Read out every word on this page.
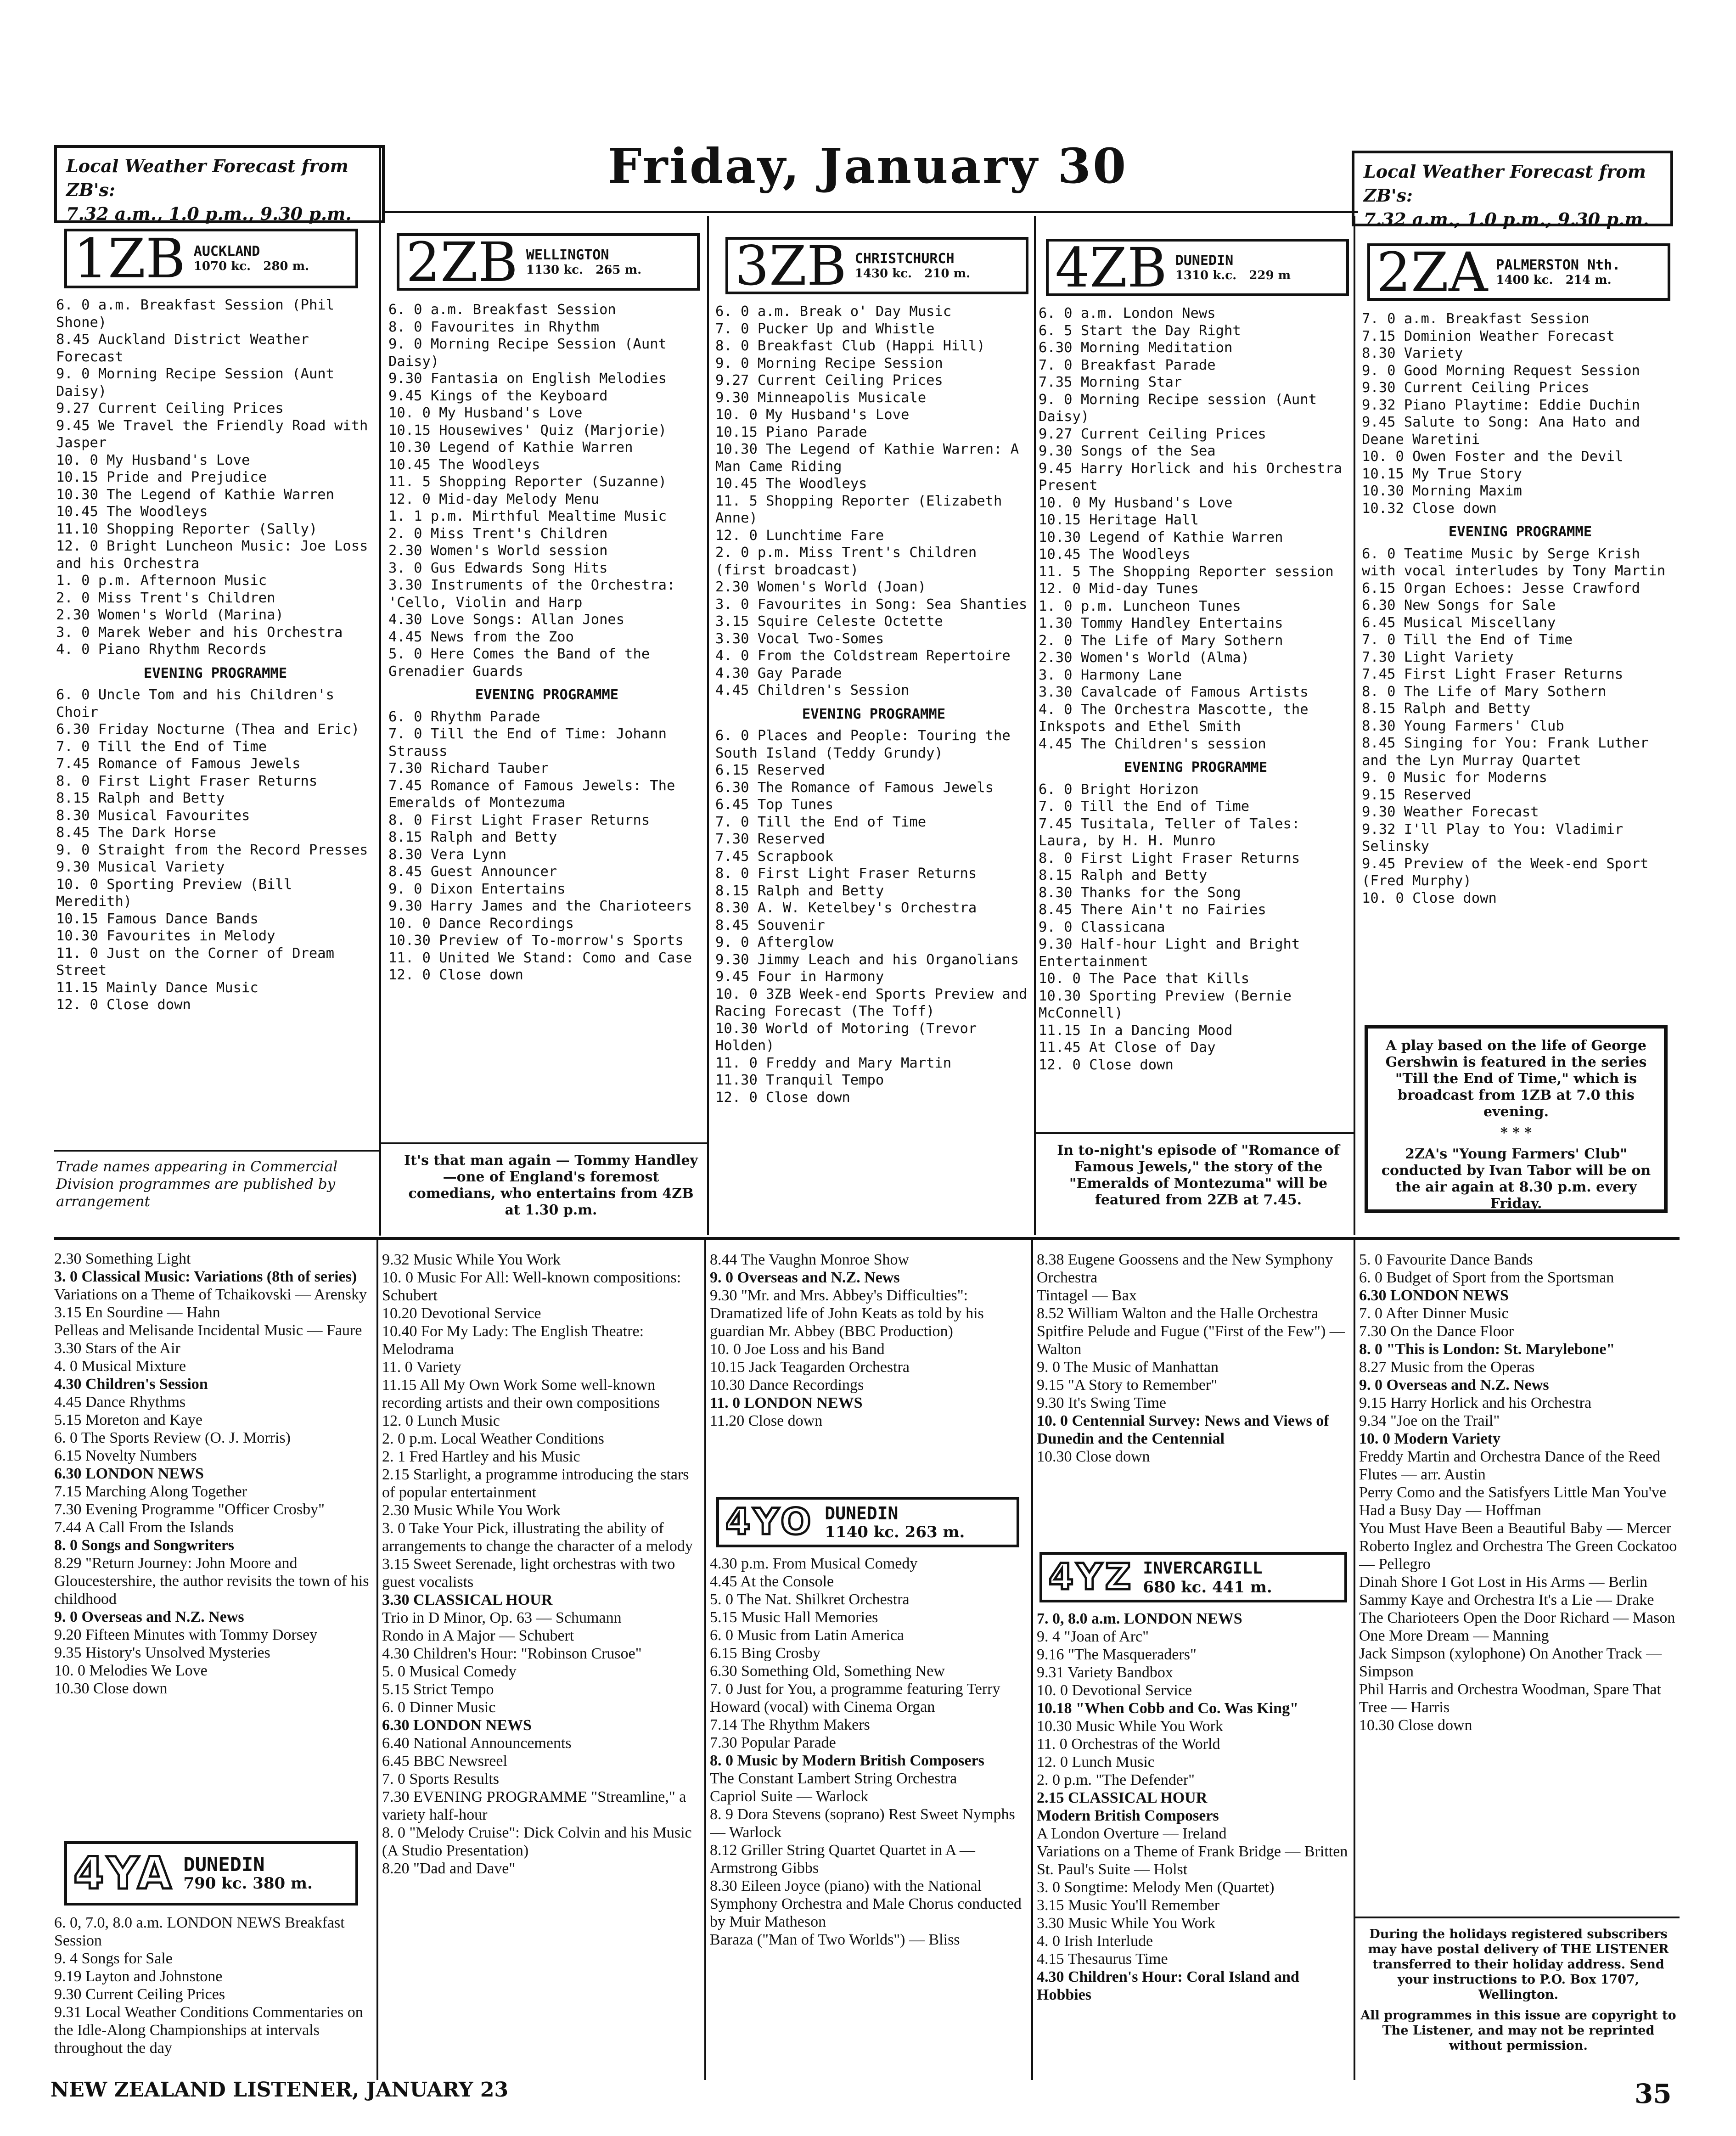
Local Weather Forecast from ZB's:
7.32 a.m., 1.0 p.m., 9.30 p.m.
Friday, January 30	Local Weather Forecast from ZB's:
7.32 a.m., 1.0 p.m., 9.30 p.m.
1ZB AUCKLAND
1070 kc. 280 m. 2ZB WELLINGTON
1130 kc. 265 m. 3ZB CHRISTCHURCH
1430 kc. 210 m. 4ZB DUNEDIN
1310 k.c. 229 m 2ZA PALMERSTON Nth.
1400 kc. 214 m.
6. 0 a.m. Breakfast Session (Phil Shone)
8.45 Auckland District Weather Forecast
9. 0 Morning Recipe Session (Aunt Daisy)
9.27 Current Ceiling Prices
9.45 We Travel the Friendly Road with Jasper
10. 0 My Husband's Love
10.15 Pride and Prejudice
10.30 The Legend of Kathie Warren
10.45 The Woodleys
11.10 Shopping Reporter (Sally)
12. 0 Bright Luncheon Music: Joe Loss and his Orchestra
1. 0 p.m. Afternoon Music
2. 0 Miss Trent's Children
2.30 Women's World (Marina)
3. 0 Marek Weber and his Orchestra
4. 0 Piano Rhythm Records
EVENING PROGRAMME
6. 0 Uncle Tom and his Children's Choir
6.30 Friday Nocturne (Thea and Eric)
7. 0 Till the End of Time
7.45 Romance of Famous Jewels
8. 0 First Light Fraser Returns
8.15 Ralph and Betty
8.30 Musical Favourites
8.45 The Dark Horse
9. 0 Straight from the Record Presses
9.30 Musical Variety
10. 0 Sporting Preview (Bill Meredith)
10.15 Famous Dance Bands
10.30 Favourites in Melody
11. 0 Just on the Corner of Dream Street
11.15 Mainly Dance Music
12. 0 Close down
Trade names appearing in Commercial Division programmes are published by arrangement
6. 0 a.m. Breakfast Session
8. 0 Favourites in Rhythm
9. 0 Morning Recipe Session (Aunt Daisy)
9.30 Fantasia on English Melodies
9.45 Kings of the Keyboard
10. 0 My Husband's Love
10.15 Housewives' Quiz (Marjorie)
10.30 Legend of Kathie Warren
10.45 The Woodleys
11. 5 Shopping Reporter (Suzanne)
12. 0 Mid-day Melody Menu
1. 1 p.m. Mirthful Mealtime Music
2. 0 Miss Trent's Children
2.30 Women's World session
3. 0 Gus Edwards Song Hits
3.30 Instruments of the Orchestra: 'Cello, Violin and Harp
4.30 Love Songs: Allan Jones
4.45 News from the Zoo
5. 0 Here Comes the Band of the Grenadier Guards
EVENING PROGRAMME
6. 0 Rhythm Parade
7. 0 Till the End of Time: Johann Strauss
7.30 Richard Tauber
7.45 Romance of Famous Jewels: The Emeralds of Montezuma
8. 0 First Light Fraser Returns
8.15 Ralph and Betty
8.30 Vera Lynn
8.45 Guest Announcer
9. 0 Dixon Entertains
9.30 Harry James and the Charioteers
10. 0 Dance Recordings
10.30 Preview of To-morrow's Sports
11. 0 United We Stand: Como and Case
12. 0 Close down
It's that man again — Tommy Handley—one of England's foremost comedians, who entertains from 4ZB at 1.30 p.m.
6. 0 a.m. Break o' Day Music
7. 0 Pucker Up and Whistle
8. 0 Breakfast Club (Happi Hill)
9. 0 Morning Recipe Session
9.27 Current Ceiling Prices
9.30 Minneapolis Musicale
10. 0 My Husband's Love
10.15 Piano Parade
10.30 The Legend of Kathie Warren: A Man Came Riding
10.45 The Woodleys
11. 5 Shopping Reporter (Elizabeth Anne)
12. 0 Lunchtime Fare
2. 0 p.m. Miss Trent's Children (first broadcast)
2.30 Women's World (Joan)
3. 0 Favourites in Song: Sea Shanties
3.15 Squire Celeste Octette
3.30 Vocal Two-Somes
4. 0 From the Coldstream Repertoire
4.30 Gay Parade
4.45 Children's Session
EVENING PROGRAMME
6. 0 Places and People: Touring the South Island (Teddy Grundy)
6.15 Reserved
6.30 The Romance of Famous Jewels
6.45 Top Tunes
7. 0 Till the End of Time
7.30 Reserved
7.45 Scrapbook
8. 0 First Light Fraser Returns
8.15 Ralph and Betty
8.30 A. W. Ketelbey's Orchestra
8.45 Souvenir
9. 0 Afterglow
9.30 Jimmy Leach and his Organolians
9.45 Four in Harmony
10. 0 3ZB Week-end Sports Preview and Racing Forecast (The Toff)
10.30 World of Motoring (Trevor Holden)
11. 0 Freddy and Mary Martin
11.30 Tranquil Tempo
12. 0 Close down
6. 0 a.m. London News
6. 5 Start the Day Right
6.30 Morning Meditation
7. 0 Breakfast Parade
7.35 Morning Star
9. 0 Morning Recipe session (Aunt Daisy)
9.27 Current Ceiling Prices
9.30 Songs of the Sea
9.45 Harry Horlick and his Orchestra Present
10. 0 My Husband's Love
10.15 Heritage Hall
10.30 Legend of Kathie Warren
10.45 The Woodleys
11. 5 The Shopping Reporter session
12. 0 Mid-day Tunes
1. 0 p.m. Luncheon Tunes
1.30 Tommy Handley Entertains
2. 0 The Life of Mary Sothern
2.30 Women's World (Alma)
3. 0 Harmony Lane
3.30 Cavalcade of Famous Artists
4. 0 The Orchestra Mascotte, the Inkspots and Ethel Smith
4.45 The Children's session
EVENING PROGRAMME
6. 0 Bright Horizon
7. 0 Till the End of Time
7.45 Tusitala, Teller of Tales: Laura, by H. H. Munro
8. 0 First Light Fraser Returns
8.15 Ralph and Betty
8.30 Thanks for the Song
8.45 There Ain't no Fairies
9. 0 Classicana
9.30 Half-hour Light and Bright Entertainment
10. 0 The Pace that Kills
10.30 Sporting Preview (Bernie McConnell)
11.15 In a Dancing Mood
11.45 At Close of Day
12. 0 Close down
In to-night's episode of "Romance of Famous Jewels," the story of the "Emeralds of Montezuma" will be featured from 2ZB at 7.45.
7. 0 a.m. Breakfast Session
7.15 Dominion Weather Forecast
8.30 Variety
9. 0 Good Morning Request Session
9.30 Current Ceiling Prices
9.32 Piano Playtime: Eddie Duchin
9.45 Salute to Song: Ana Hato and Deane Waretini
10. 0 Owen Foster and the Devil
10.15 My True Story
10.30 Morning Maxim
10.32 Close down
EVENING PROGRAMME
6. 0 Teatime Music by Serge Krish with vocal interludes by Tony Martin
6.15 Organ Echoes: Jesse Crawford
6.30 New Songs for Sale
6.45 Musical Miscellany
7. 0 Till the End of Time
7.30 Light Variety
7.45 First Light Fraser Returns
8. 0 The Life of Mary Sothern
8.15 Ralph and Betty
8.30 Young Farmers' Club
8.45 Singing for You: Frank Luther and the Lyn Murray Quartet
9. 0 Music for Moderns
9.15 Reserved
9.30 Weather Forecast
9.32 I'll Play to You: Vladimir Selinsky
9.45 Preview of the Week-end Sport (Fred Murphy)
10. 0 Close down
A play based on the life of George Gershwin is featured in the series "Till the End of Time," which is broadcast from 1ZB at 7.0 this evening.
* * *
2ZA's "Young Farmers' Club" conducted by Ivan Tabor will be on the air again at 8.30 p.m. every Friday.
2.30 Something Light
3. 0 Classical Music: Variations (8th of series)
Variations on a Theme of Tchaikovski — Arensky
3.15 En Sourdine — Hahn
Pelleas and Melisande Incidental Music — Faure
3.30 Stars of the Air
4. 0 Musical Mixture
4.30 Children's Session
4.45 Dance Rhythms
5.15 Moreton and Kaye
6. 0 The Sports Review (O. J. Morris)
6.15 Novelty Numbers
6.30 LONDON NEWS
7.15 Marching Along Together
7.30 Evening Programme "Officer Crosby"
7.44 A Call From the Islands
8. 0 Songs and Songwriters
8.29 "Return Journey: John Moore and Gloucestershire, the author revisits the town of his childhood
9. 0 Overseas and N.Z. News
9.20 Fifteen Minutes with Tommy Dorsey
9.35 History's Unsolved Mysteries
10. 0 Melodies We Love
10.30 Close down
4YA DUNEDIN
790 kc. 380 m.
6. 0, 7.0, 8.0 a.m. LONDON NEWS Breakfast Session
9. 4 Songs for Sale
9.19 Layton and Johnstone
9.30 Current Ceiling Prices
9.31 Local Weather Conditions Commentaries on the Idle-Along Championships at intervals throughout the day
9.32 Music While You Work
10. 0 Music For All: Well-known compositions: Schubert
10.20 Devotional Service
10.40 For My Lady: The English Theatre: Melodrama
11. 0 Variety
11.15 All My Own Work Some well-known recording artists and their own compositions
12. 0 Lunch Music
2. 0 p.m. Local Weather Conditions
2. 1 Fred Hartley and his Music
2.15 Starlight, a programme introducing the stars of popular entertainment
2.30 Music While You Work
3. 0 Take Your Pick, illustrating the ability of arrangements to change the character of a melody
3.15 Sweet Serenade, light orchestras with two guest vocalists
3.30 CLASSICAL HOUR
Trio in D Minor, Op. 63 — Schumann
Rondo in A Major — Schubert
4.30 Children's Hour: "Robinson Crusoe"
5. 0 Musical Comedy
5.15 Strict Tempo
6. 0 Dinner Music
6.30 LONDON NEWS
6.40 National Announcements
6.45 BBC Newsreel
7. 0 Sports Results
7.30 EVENING PROGRAMME "Streamline," a variety half-hour
8. 0 "Melody Cruise": Dick Colvin and his Music (A Studio Presentation)
8.20 "Dad and Dave"
8.44 The Vaughn Monroe Show
9. 0 Overseas and N.Z. News
9.30 "Mr. and Mrs. Abbey's Difficulties": Dramatized life of John Keats as told by his guardian Mr. Abbey (BBC Production)
10. 0 Joe Loss and his Band
10.15 Jack Teagarden Orchestra
10.30 Dance Recordings
11. 0 LONDON NEWS
11.20 Close down
4YO DUNEDIN
1140 kc. 263 m.
4.30 p.m. From Musical Comedy
4.45 At the Console
5. 0 The Nat. Shilkret Orchestra
5.15 Music Hall Memories
6. 0 Music from Latin America
6.15 Bing Crosby
6.30 Something Old, Something New
7. 0 Just for You, a programme featuring Terry Howard (vocal) with Cinema Organ
7.14 The Rhythm Makers
7.30 Popular Parade
8. 0 Music by Modern British Composers
The Constant Lambert String Orchestra
Capriol Suite — Warlock
8. 9 Dora Stevens (soprano) Rest Sweet Nymphs — Warlock
8.12 Griller String Quartet Quartet in A — Armstrong Gibbs
8.30 Eileen Joyce (piano) with the National Symphony Orchestra and Male Chorus conducted by Muir Matheson
Baraza ("Man of Two Worlds") — Bliss
8.38 Eugene Goossens and the New Symphony Orchestra
Tintagel — Bax
8.52 William Walton and the Halle Orchestra
Spitfire Pelude and Fugue ("First of the Few") — Walton
9. 0 The Music of Manhattan
9.15 "A Story to Remember"
9.30 It's Swing Time
10. 0 Centennial Survey: News and Views of Dunedin and the Centennial
10.30 Close down
4YZ INVERCARGILL
680 kc. 441 m.
7. 0, 8.0 a.m. LONDON NEWS
9. 4 "Joan of Arc"
9.16 "The Masqueraders"
9.31 Variety Bandbox
10. 0 Devotional Service
10.18 "When Cobb and Co. Was King"
10.30 Music While You Work
11. 0 Orchestras of the World
12. 0 Lunch Music
2. 0 p.m. "The Defender"
2.15 CLASSICAL HOUR
Modern British Composers
A London Overture — Ireland
Variations on a Theme of Frank Bridge — Britten
St. Paul's Suite — Holst
3. 0 Songtime: Melody Men (Quartet)
3.15 Music You'll Remember
3.30 Music While You Work
4. 0 Irish Interlude
4.15 Thesaurus Time
4.30 Children's Hour: Coral Island and Hobbies
5. 0 Favourite Dance Bands
6. 0 Budget of Sport from the Sportsman
6.30 LONDON NEWS
7. 0 After Dinner Music
7.30 On the Dance Floor
8. 0 "This is London: St. Marylebone"
8.27 Music from the Operas
9. 0 Overseas and N.Z. News
9.15 Harry Horlick and his Orchestra
9.34 "Joe on the Trail"
10. 0 Modern Variety
Freddy Martin and Orchestra Dance of the Reed Flutes — arr. Austin
Perry Como and the Satisfyers Little Man You've Had a Busy Day — Hoffman
You Must Have Been a Beautiful Baby — Mercer
Roberto Inglez and Orchestra The Green Cockatoo — Pellegro
Dinah Shore I Got Lost in His Arms — Berlin
Sammy Kaye and Orchestra It's a Lie — Drake
The Charioteers Open the Door Richard — Mason
One More Dream — Manning
Jack Simpson (xylophone) On Another Track — Simpson
Phil Harris and Orchestra Woodman, Spare That Tree — Harris
10.30 Close down
During the holidays registered subscribers may have postal delivery of THE LISTENER transferred to their holiday address. Send your instructions to P.O. Box 1707, Wellington.
All programmes in this issue are copyright to The Listener, and may not be reprinted without permission.
NEW ZEALAND LISTENER, JANUARY 23	35
